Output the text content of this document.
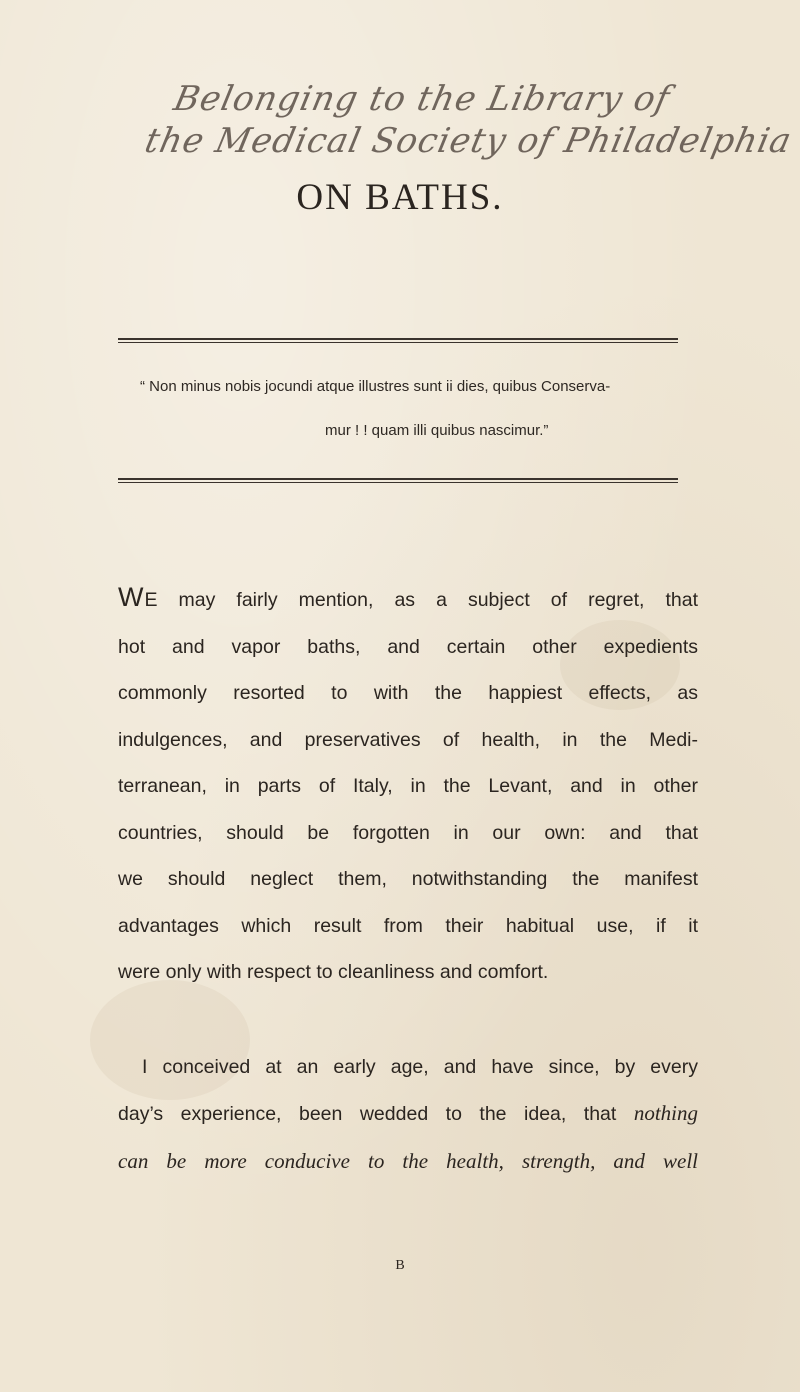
Belonging to the Library of
the Medical Society of Philadelphia
ON BATHS.
“ Non minus nobis jocundi atque illustres sunt ii dies, quibus Conserva-
mur ! ! quam illi quibus nascimur.”
WE may fairly mention, as a subject of regret, that
hot and vapor baths, and certain other expedients
commonly resorted to with the happiest effects, as
indulgences, and preservatives of health, in the Medi-
terranean, in parts of Italy, in the Levant, and in other
countries, should be forgotten in our own: and that
we should neglect them, notwithstanding the manifest
advantages which result from their habitual use, if it
were only with respect to cleanliness and comfort.
I conceived at an early age, and have since, by every
day’s experience, been wedded to the idea, that nothing
can be more conducive to the health, strength, and well
B
